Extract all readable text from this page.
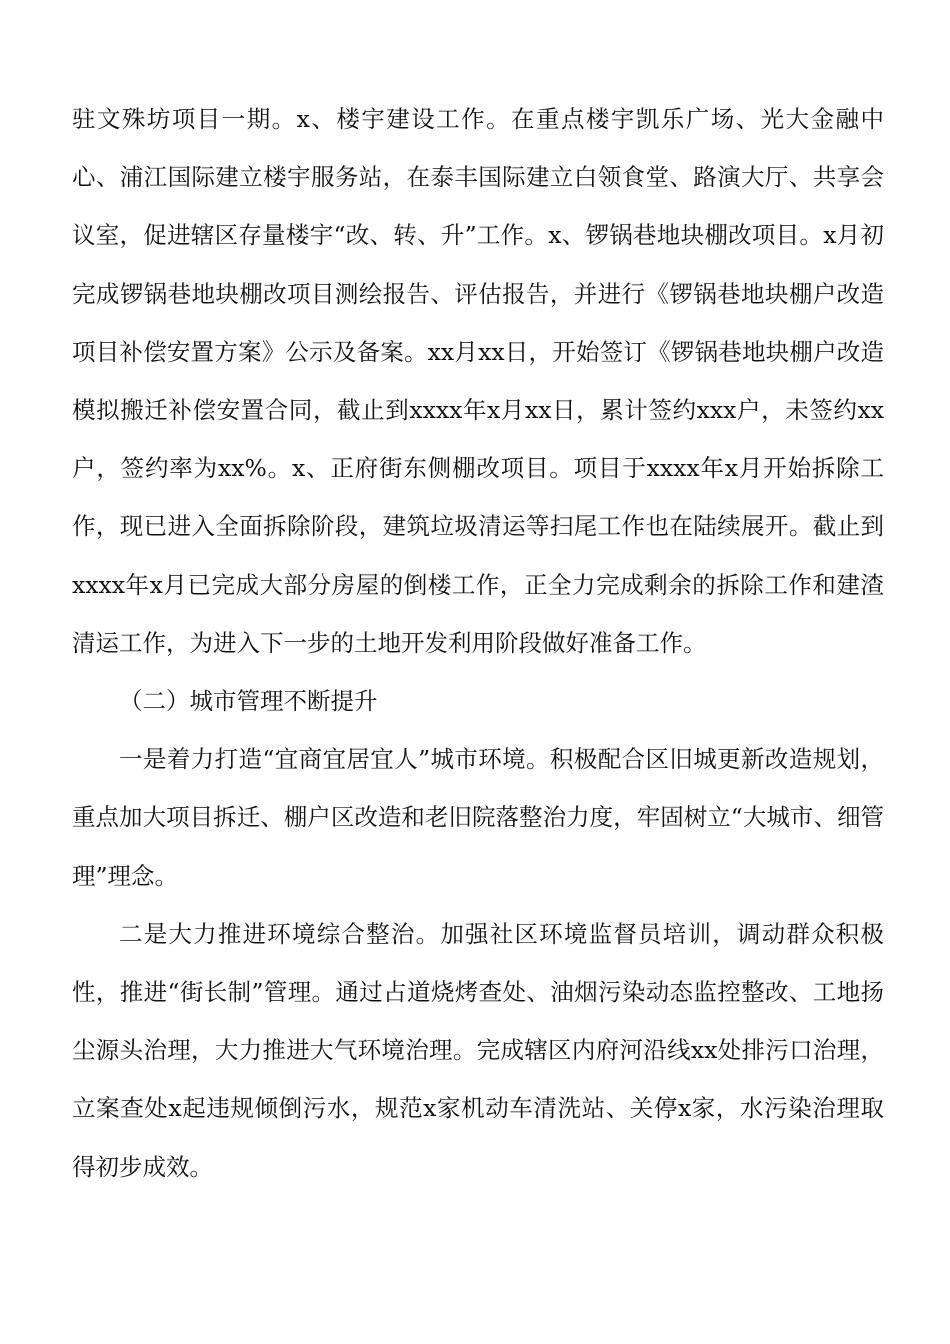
驻文殊坊项目一期。x、楼宇建设工作。在重点楼宇凯乐广场、光大金融中心、浦江国际建立楼宇服务站，在泰丰国际建立白领食堂、路演大厅、共享会议室，促进辖区存量楼宇“改、转、升”工作。x、锣锅巷地块棚改项目。x月初完成锣锅巷地块棚改项目测绘报告、评估报告，并进行《锣锅巷地块棚户改造项目补偿安置方案》公示及备案。xx月xx日，开始签订《锣锅巷地块棚户改造模拟搬迁补偿安置合同，截止到xxxx年x月xx日，累计签约xxx户，未签约xx户，签约率为xx%。x、正府街东侧棚改项目。项目于xxxx年x月开始拆除工作，现已进入全面拆除阶段，建筑垃圾清运等扫尾工作也在陆续展开。截止到xxxx年x月已完成大部分房屋的倒楼工作，正全力完成剩余的拆除工作和建渣清运工作，为进入下一步的土地开发利用阶段做好准备工作。

（二）城市管理不断提升

一是着力打造“宜商宜居宜人”城市环境。积极配合区旧城更新改造规划，重点加大项目拆迁、棚户区改造和老旧院落整治力度，牢固树立“大城市、细管理”理念。

二是大力推进环境综合整治。加强社区环境监督员培训，调动群众积极性，推进“街长制”管理。通过占道烧烤查处、油烟污染动态监控整改、工地扬尘源头治理，大力推进大气环境治理。完成辖区内府河沿线xx处排污口治理，立案查处x起违规倾倒污水，规范x家机动车清洗站、关停x家，水污染治理取得初步成效。
